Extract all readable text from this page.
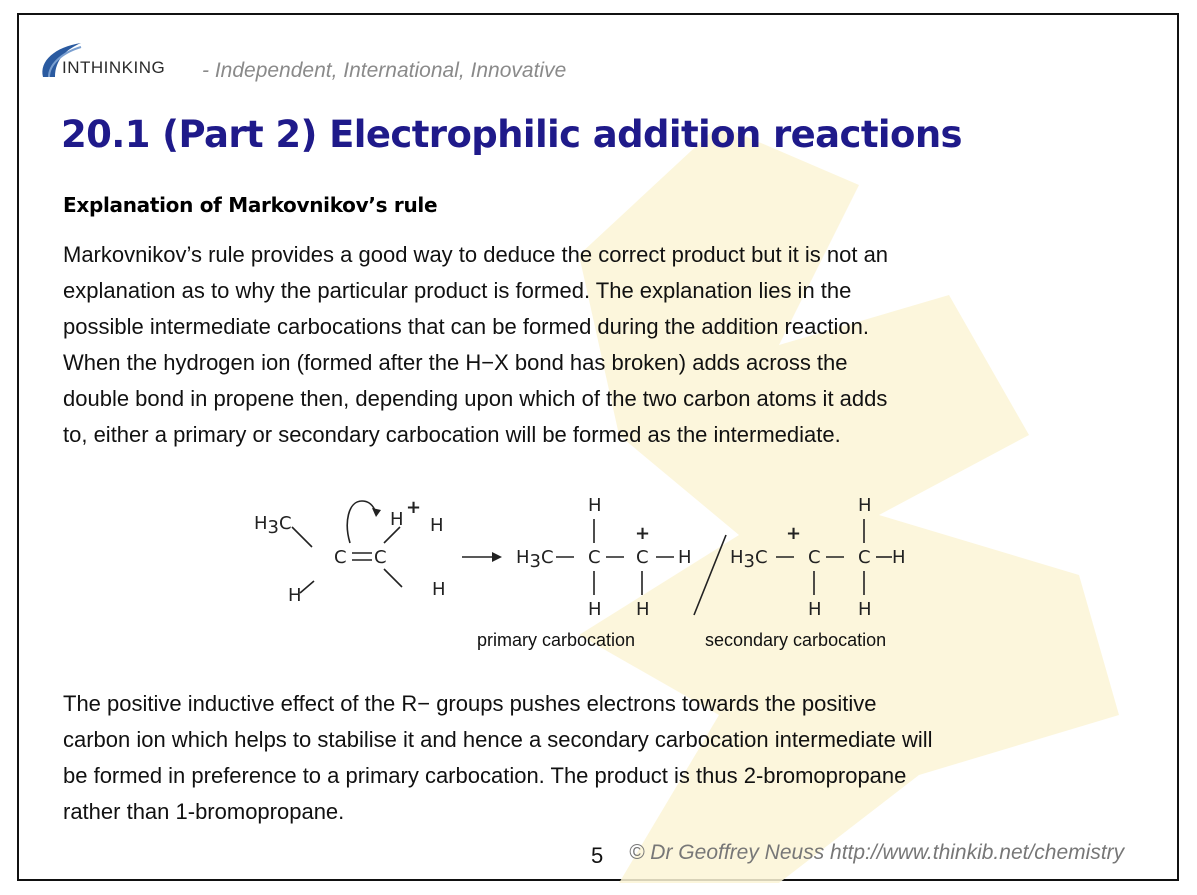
INTHINKING - Independent, International, Innovative
20.1 (Part 2) Electrophilic addition reactions
Explanation of Markovnikov’s rule

Markovnikov’s rule provides a good way to deduce the correct product but it is not an
explanation as to why the particular product is formed. The explanation lies in the
possible intermediate carbocations that can be formed during the addition reaction.
When the hydrogen ion (formed after the H−X bond has broken) adds across the
double bond in propene then, depending upon which of the two carbon atoms it adds
to, either a primary or secondary carbocation will be formed as the intermediate.

H3C
H
C C
H
+
H
H
H3C
H
C
+
C H
H H
H3C
+
C
H
C H
H H
primary carbocation	secondary carbocation

The positive inductive effect of the R− groups pushes electrons towards the positive
carbon ion which helps to stabilise it and hence a secondary carbocation intermediate will
be formed in preference to a primary carbocation. The product is thus 2-bromopropane
rather than 1-bromopropane.

5 © Dr Geoffrey Neuss http://www.thinkib.net/chemistry
